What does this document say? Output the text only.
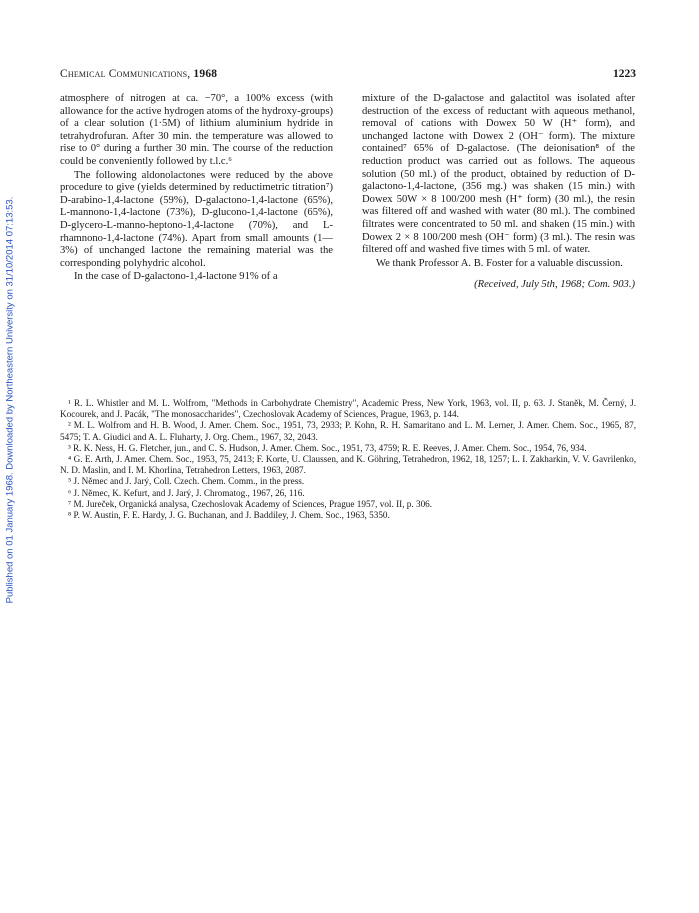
Published on 01 January 1968. Downloaded by Northeastern University on 31/10/2014 07:13:53.
Chemical Communications, 1968	1223

atmosphere of nitrogen at ca. −70°, a 100% excess (with allowance for the active hydrogen atoms of the hydroxy-groups) of a clear solution (1·5M) of lithium aluminium hydride in tetrahydrofuran. After 30 min. the temperature was allowed to rise to 0° during a further 30 min. The course of the reduction could be conveniently followed by t.l.c.⁶

The following aldonolactones were reduced by the above procedure to give (yields determined by reductimetric titration⁷) D-arabino-1,4-lactone (59%), D-galactono-1,4-lactone (65%), L-mannono-1,4-lactone (73%), D-glucono-1,4-lactone (65%), D-glycero-L-manno-heptono-1,4-lactone (70%), and L-rhamnono-1,4-lactone (74%). Apart from small amounts (1—3%) of unchanged lactone the remaining material was the corresponding polyhydric alcohol.

In the case of D-galactono-1,4-lactone 91% of a

mixture of the D-galactose and galactitol was isolated after destruction of the excess of reductant with aqueous methanol, removal of cations with Dowex 50 W (H⁺ form), and unchanged lactone with Dowex 2 (OH⁻ form). The mixture contained⁷ 65% of D-galactose. (The deionisation⁸ of the reduction product was carried out as follows. The aqueous solution (50 ml.) of the product, obtained by reduction of D-galactono-1,4-lactone, (356 mg.) was shaken (15 min.) with Dowex 50W × 8 100/200 mesh (H⁺ form) (30 ml.), the resin was filtered off and washed with water (80 ml.). The combined filtrates were concentrated to 50 ml. and shaken (15 min.) with Dowex 2 × 8 100/200 mesh (OH⁻ form) (3 ml.). The resin was filtered off and washed five times with 5 ml. of water.

We thank Professor A. B. Foster for a valuable discussion.

(Received, July 5th, 1968; Com. 903.)

¹ R. L. Whistler and M. L. Wolfrom, "Methods in Carbohydrate Chemistry", Academic Press, New York, 1963, vol. II, p. 63. J. Staněk, M. Černý, J. Kocourek, and J. Pacák, "The monosaccharides", Czechoslovak Academy of Sciences, Prague, 1963, p. 144.

² M. L. Wolfrom and H. B. Wood, J. Amer. Chem. Soc., 1951, 73, 2933; P. Kohn, R. H. Samaritano and L. M. Lerner, J. Amer. Chem. Soc., 1965, 87, 5475; T. A. Giudici and A. L. Fluharty, J. Org. Chem., 1967, 32, 2043.

³ R. K. Ness, H. G. Fletcher, jun., and C. S. Hudson, J. Amer. Chem. Soc., 1951, 73, 4759; R. E. Reeves, J. Amer. Chem. Soc., 1954, 76, 934.

⁴ G. E. Arth, J. Amer. Chem. Soc., 1953, 75, 2413; F. Korte, U. Claussen, and K. Göhring, Tetrahedron, 1962, 18, 1257; L. I. Zakharkin, V. V. Gavrilenko, N. D. Maslin, and I. M. Khorlina, Tetrahedron Letters, 1963, 2087.

⁵ J. Němec and J. Jarý, Coll. Czech. Chem. Comm., in the press.

⁶ J. Němec, K. Kefurt, and J. Jarý, J. Chromatog., 1967, 26, 116.

⁷ M. Jureček, Organická analysa, Czechoslovak Academy of Sciences, Prague 1957, vol. II, p. 306.

⁸ P. W. Austin, F. E. Hardy, J. G. Buchanan, and J. Baddiley, J. Chem. Soc., 1963, 5350.
